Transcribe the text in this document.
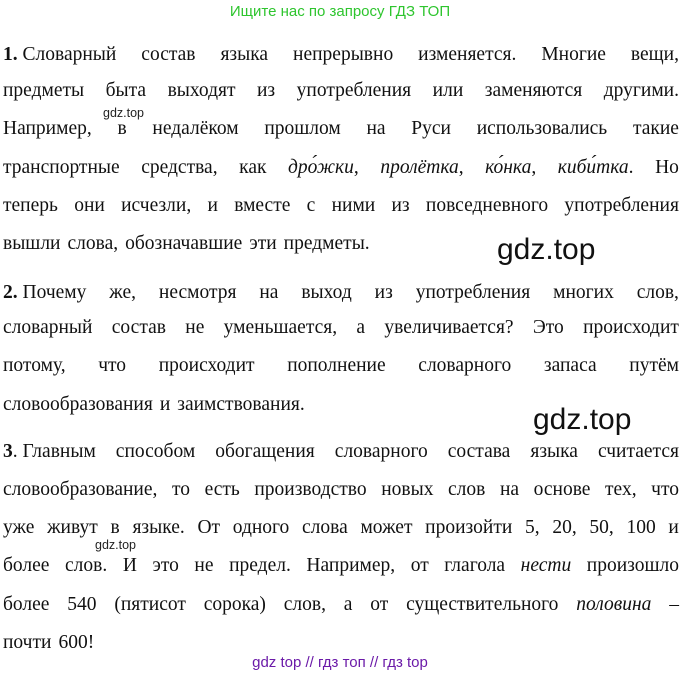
Ищите нас по запросу ГДЗ ТОП
1. Словарный состав языка непрерывно изменяется. Многие вещи,
предметы быта выходят из употребления или заменяются другими.
Например, в недалёком прошлом на Руси использовались такие
транспортные средства, как дро́жки, пролётка, ко́нка, киби́тка. Но
теперь они исчезли, и вместе с ними из повседневного употребления
вышли слова, обозначавшие эти предметы.
2. Почему же, несмотря на выход из употребления многих слов,
словарный состав не уменьшается, а увеличивается? Это происходит
потому, что происходит пополнение словарного запаса путём
словообразования и заимствования.
3. Главным способом обогащения словарного состава языка считается
словообразование, то есть производство новых слов на основе тех, что
уже живут в языке. От одного слова может произойти 5, 20, 50, 100 и
более слов. И это не предел. Например, от глагола нести произошло
более 540 (пятисот сорока) слов, а от существительного половина –
почти 600!
gdz.top
gdz.top
gdz.top
gdz.top
gdz top // гдз топ // гдз top
